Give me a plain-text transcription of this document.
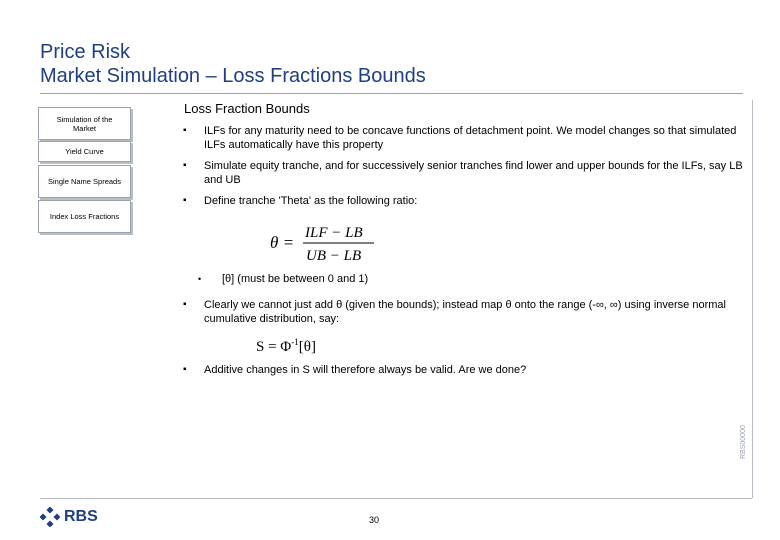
Price Risk
Market Simulation – Loss Fractions Bounds
Simulation of the Market
Yield Curve
Single Name Spreads
Index Loss Fractions
Loss Fraction Bounds
▪ ILFs for any maturity need to be concave functions of detachment point. We model changes so that simulated ILFs automatically have this property
▪ Simulate equity tranche, and for successively senior tranches find lower and upper bounds for the ILFs, say LB and UB
▪ Define tranche 'Theta' as the following ratio:
θ = ILF − LB
UB − LB
• [θ] (must be between 0 and 1)
▪ Clearly we cannot just add θ (given the bounds); instead map θ onto the range (-∞, ∞) using inverse normal cumulative distribution, say:
$S = \Phi^{-1}[\theta]$
▪ Additive changes in S will therefore always be valid. Are we done?
RBS00000
RBS	30
